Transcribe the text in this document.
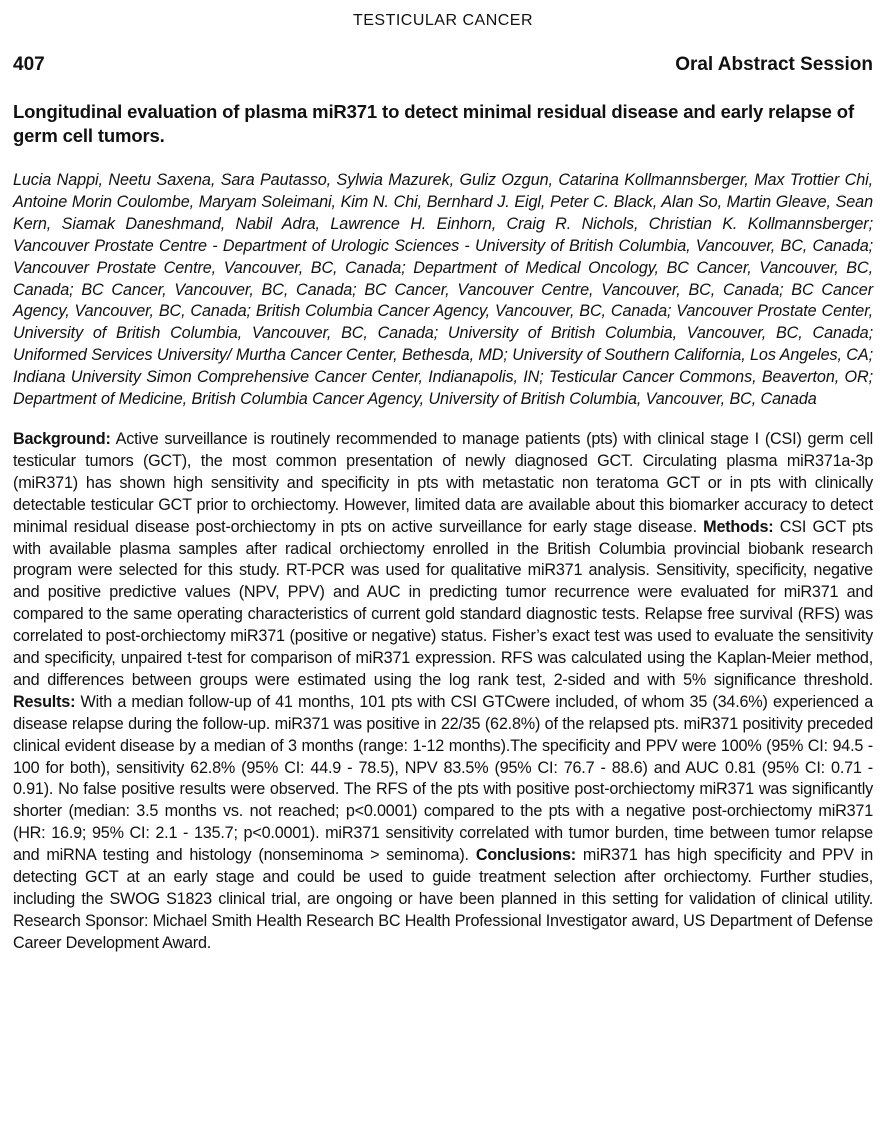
TESTICULAR CANCER
407	Oral Abstract Session
Longitudinal evaluation of plasma miR371 to detect minimal residual disease and early relapse of germ cell tumors.
Lucia Nappi, Neetu Saxena, Sara Pautasso, Sylwia Mazurek, Guliz Ozgun, Catarina Kollmannsberger, Max Trottier Chi, Antoine Morin Coulombe, Maryam Soleimani, Kim N. Chi, Bernhard J. Eigl, Peter C. Black, Alan So, Martin Gleave, Sean Kern, Siamak Daneshmand, Nabil Adra, Lawrence H. Einhorn, Craig R. Nichols, Christian K. Kollmannsberger; Vancouver Prostate Centre - Department of Urologic Sciences - University of British Columbia, Vancouver, BC, Canada; Vancouver Prostate Centre, Vancouver, BC, Canada; Department of Medical Oncology, BC Cancer, Vancouver, BC, Canada; BC Cancer, Vancouver, BC, Canada; BC Cancer, Vancouver Centre, Vancouver, BC, Canada; BC Cancer Agency, Vancouver, BC, Canada; British Columbia Cancer Agency, Vancouver, BC, Canada; Vancouver Prostate Center, University of British Columbia, Vancouver, BC, Canada; University of British Columbia, Vancouver, BC, Canada; Uniformed Services University/ Murtha Cancer Center, Bethesda, MD; University of Southern California, Los Angeles, CA; Indiana University Simon Comprehensive Cancer Center, Indianapolis, IN; Testicular Cancer Commons, Beaverton, OR; Department of Medicine, British Columbia Cancer Agency, University of British Columbia, Vancouver, BC, Canada
Background: Active surveillance is routinely recommended to manage patients (pts) with clinical stage I (CSI) germ cell testicular tumors (GCT), the most common presentation of newly diagnosed GCT. Circulating plasma miR371a-3p (miR371) has shown high sensitivity and specificity in pts with metastatic non teratoma GCT or in pts with clinically detectable testicular GCT prior to orchiectomy. However, limited data are available about this biomarker accuracy to detect minimal residual disease post-orchiectomy in pts on active surveillance for early stage disease. Methods: CSI GCT pts with available plasma samples after radical orchiectomy enrolled in the British Columbia provincial biobank research program were selected for this study. RT-PCR was used for qualitative miR371 analysis. Sensitivity, specificity, negative and positive predictive values (NPV, PPV) and AUC in predicting tumor recurrence were evaluated for miR371 and compared to the same operating characteristics of current gold standard diagnostic tests. Relapse free survival (RFS) was correlated to post-orchiectomy miR371 (positive or negative) status. Fisher’s exact test was used to evaluate the sensitivity and specificity, unpaired t-test for comparison of miR371 expression. RFS was calculated using the Kaplan-Meier method, and differences between groups were estimated using the log rank test, 2-sided and with 5% significance threshold. Results: With a median follow-up of 41 months, 101 pts with CSI GTCwere included, of whom 35 (34.6%) experienced a disease relapse during the follow-up. miR371 was positive in 22/35 (62.8%) of the relapsed pts. miR371 positivity preceded clinical evident disease by a median of 3 months (range: 1-12 months).The specificity and PPV were 100% (95% CI: 94.5 - 100 for both), sensitivity 62.8% (95% CI: 44.9 - 78.5), NPV 83.5% (95% CI: 76.7 - 88.6) and AUC 0.81 (95% CI: 0.71 - 0.91). No false positive results were observed. The RFS of the pts with positive post-orchiectomy miR371 was significantly shorter (median: 3.5 months vs. not reached; p<0.0001) compared to the pts with a negative post-orchiectomy miR371 (HR: 16.9; 95% CI: 2.1 - 135.7; p<0.0001). miR371 sensitivity correlated with tumor burden, time between tumor relapse and miRNA testing and histology (nonseminoma > seminoma). Conclusions: miR371 has high specificity and PPV in detecting GCT at an early stage and could be used to guide treatment selection after orchiectomy. Further studies, including the SWOG S1823 clinical trial, are ongoing or have been planned in this setting for validation of clinical utility. Research Sponsor: Michael Smith Health Research BC Health Professional Investigator award, US Department of Defense Career Development Award.
